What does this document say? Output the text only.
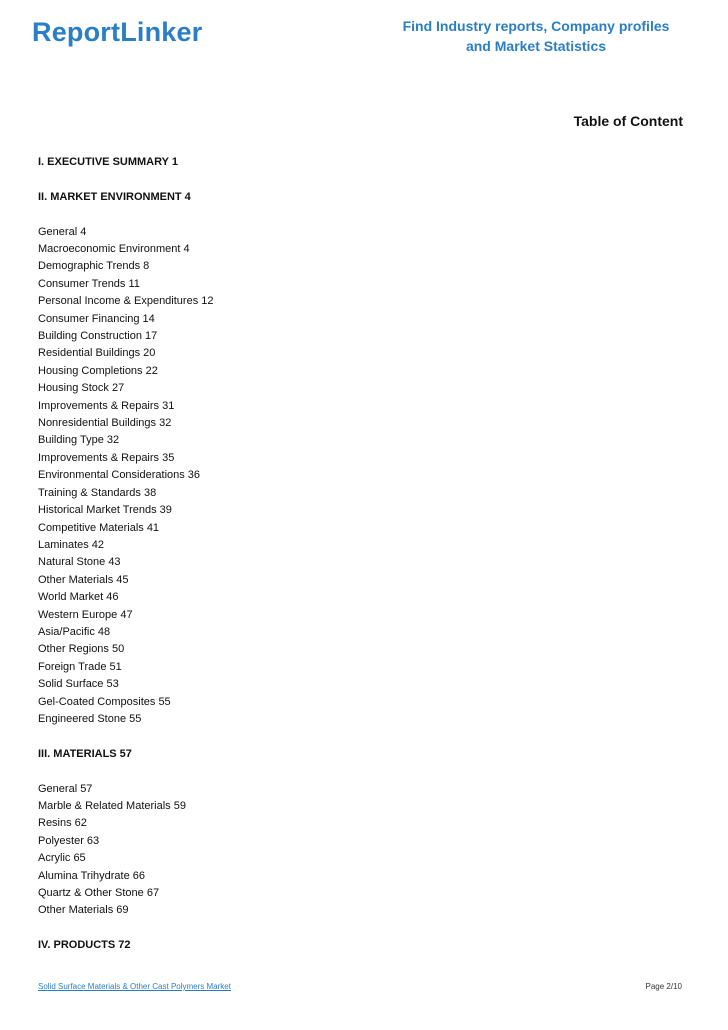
ReportLinker	Find Industry reports, Company profiles
and Market Statistics
Table of Content
I. EXECUTIVE SUMMARY 1
II. MARKET ENVIRONMENT 4
General 4
Macroeconomic Environment 4
Demographic Trends 8
Consumer Trends 11
Personal Income & Expenditures 12
Consumer Financing 14
Building Construction 17
Residential Buildings 20
Housing Completions 22
Housing Stock 27
Improvements & Repairs 31
Nonresidential Buildings 32
Building Type 32
Improvements & Repairs 35
Environmental Considerations 36
Training & Standards 38
Historical Market Trends 39
Competitive Materials 41
Laminates 42
Natural Stone 43
Other Materials 45
World Market 46
Western Europe 47
Asia/Pacific 48
Other Regions 50
Foreign Trade 51
Solid Surface 53
Gel-Coated Composites 55
Engineered Stone 55
III. MATERIALS 57
General 57
Marble & Related Materials 59
Resins 62
Polyester 63
Acrylic 65
Alumina Trihydrate 66
Quartz & Other Stone 67
Other Materials 69
IV. PRODUCTS 72
Solid Surface Materials & Other Cast Polymers Market	Page 2/10
